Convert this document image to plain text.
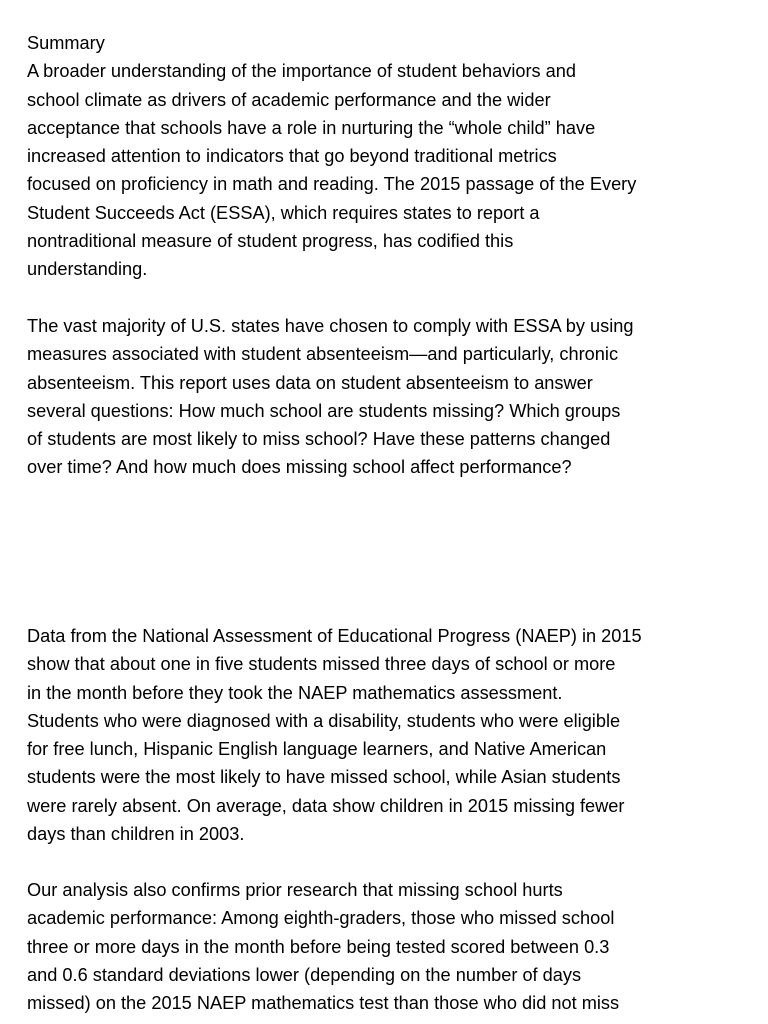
Summary
A broader understanding of the importance of student behaviors and
school climate as drivers of academic performance and the wider
acceptance that schools have a role in nurturing the “whole child” have
increased attention to indicators that go beyond traditional metrics
focused on proficiency in math and reading. The 2015 passage of the Every
Student Succeeds Act (ESSA), which requires states to report a
nontraditional measure of student progress, has codified this
understanding.
The vast majority of U.S. states have chosen to comply with ESSA by using
measures associated with student absenteeism—and particularly, chronic
absenteeism. This report uses data on student absenteeism to answer
several questions: How much school are students missing? Which groups
of students are most likely to miss school? Have these patterns changed
over time? And how much does missing school affect performance?
Data from the National Assessment of Educational Progress (NAEP) in 2015
show that about one in five students missed three days of school or more
in the month before they took the NAEP mathematics assessment.
Students who were diagnosed with a disability, students who were eligible
for free lunch, Hispanic English language learners, and Native American
students were the most likely to have missed school, while Asian students
were rarely absent. On average, data show children in 2015 missing fewer
days than children in 2003.
Our analysis also confirms prior research that missing school hurts
academic performance: Among eighth-graders, those who missed school
three or more days in the month before being tested scored between 0.3
and 0.6 standard deviations lower (depending on the number of days
missed) on the 2015 NAEP mathematics test than those who did not miss
